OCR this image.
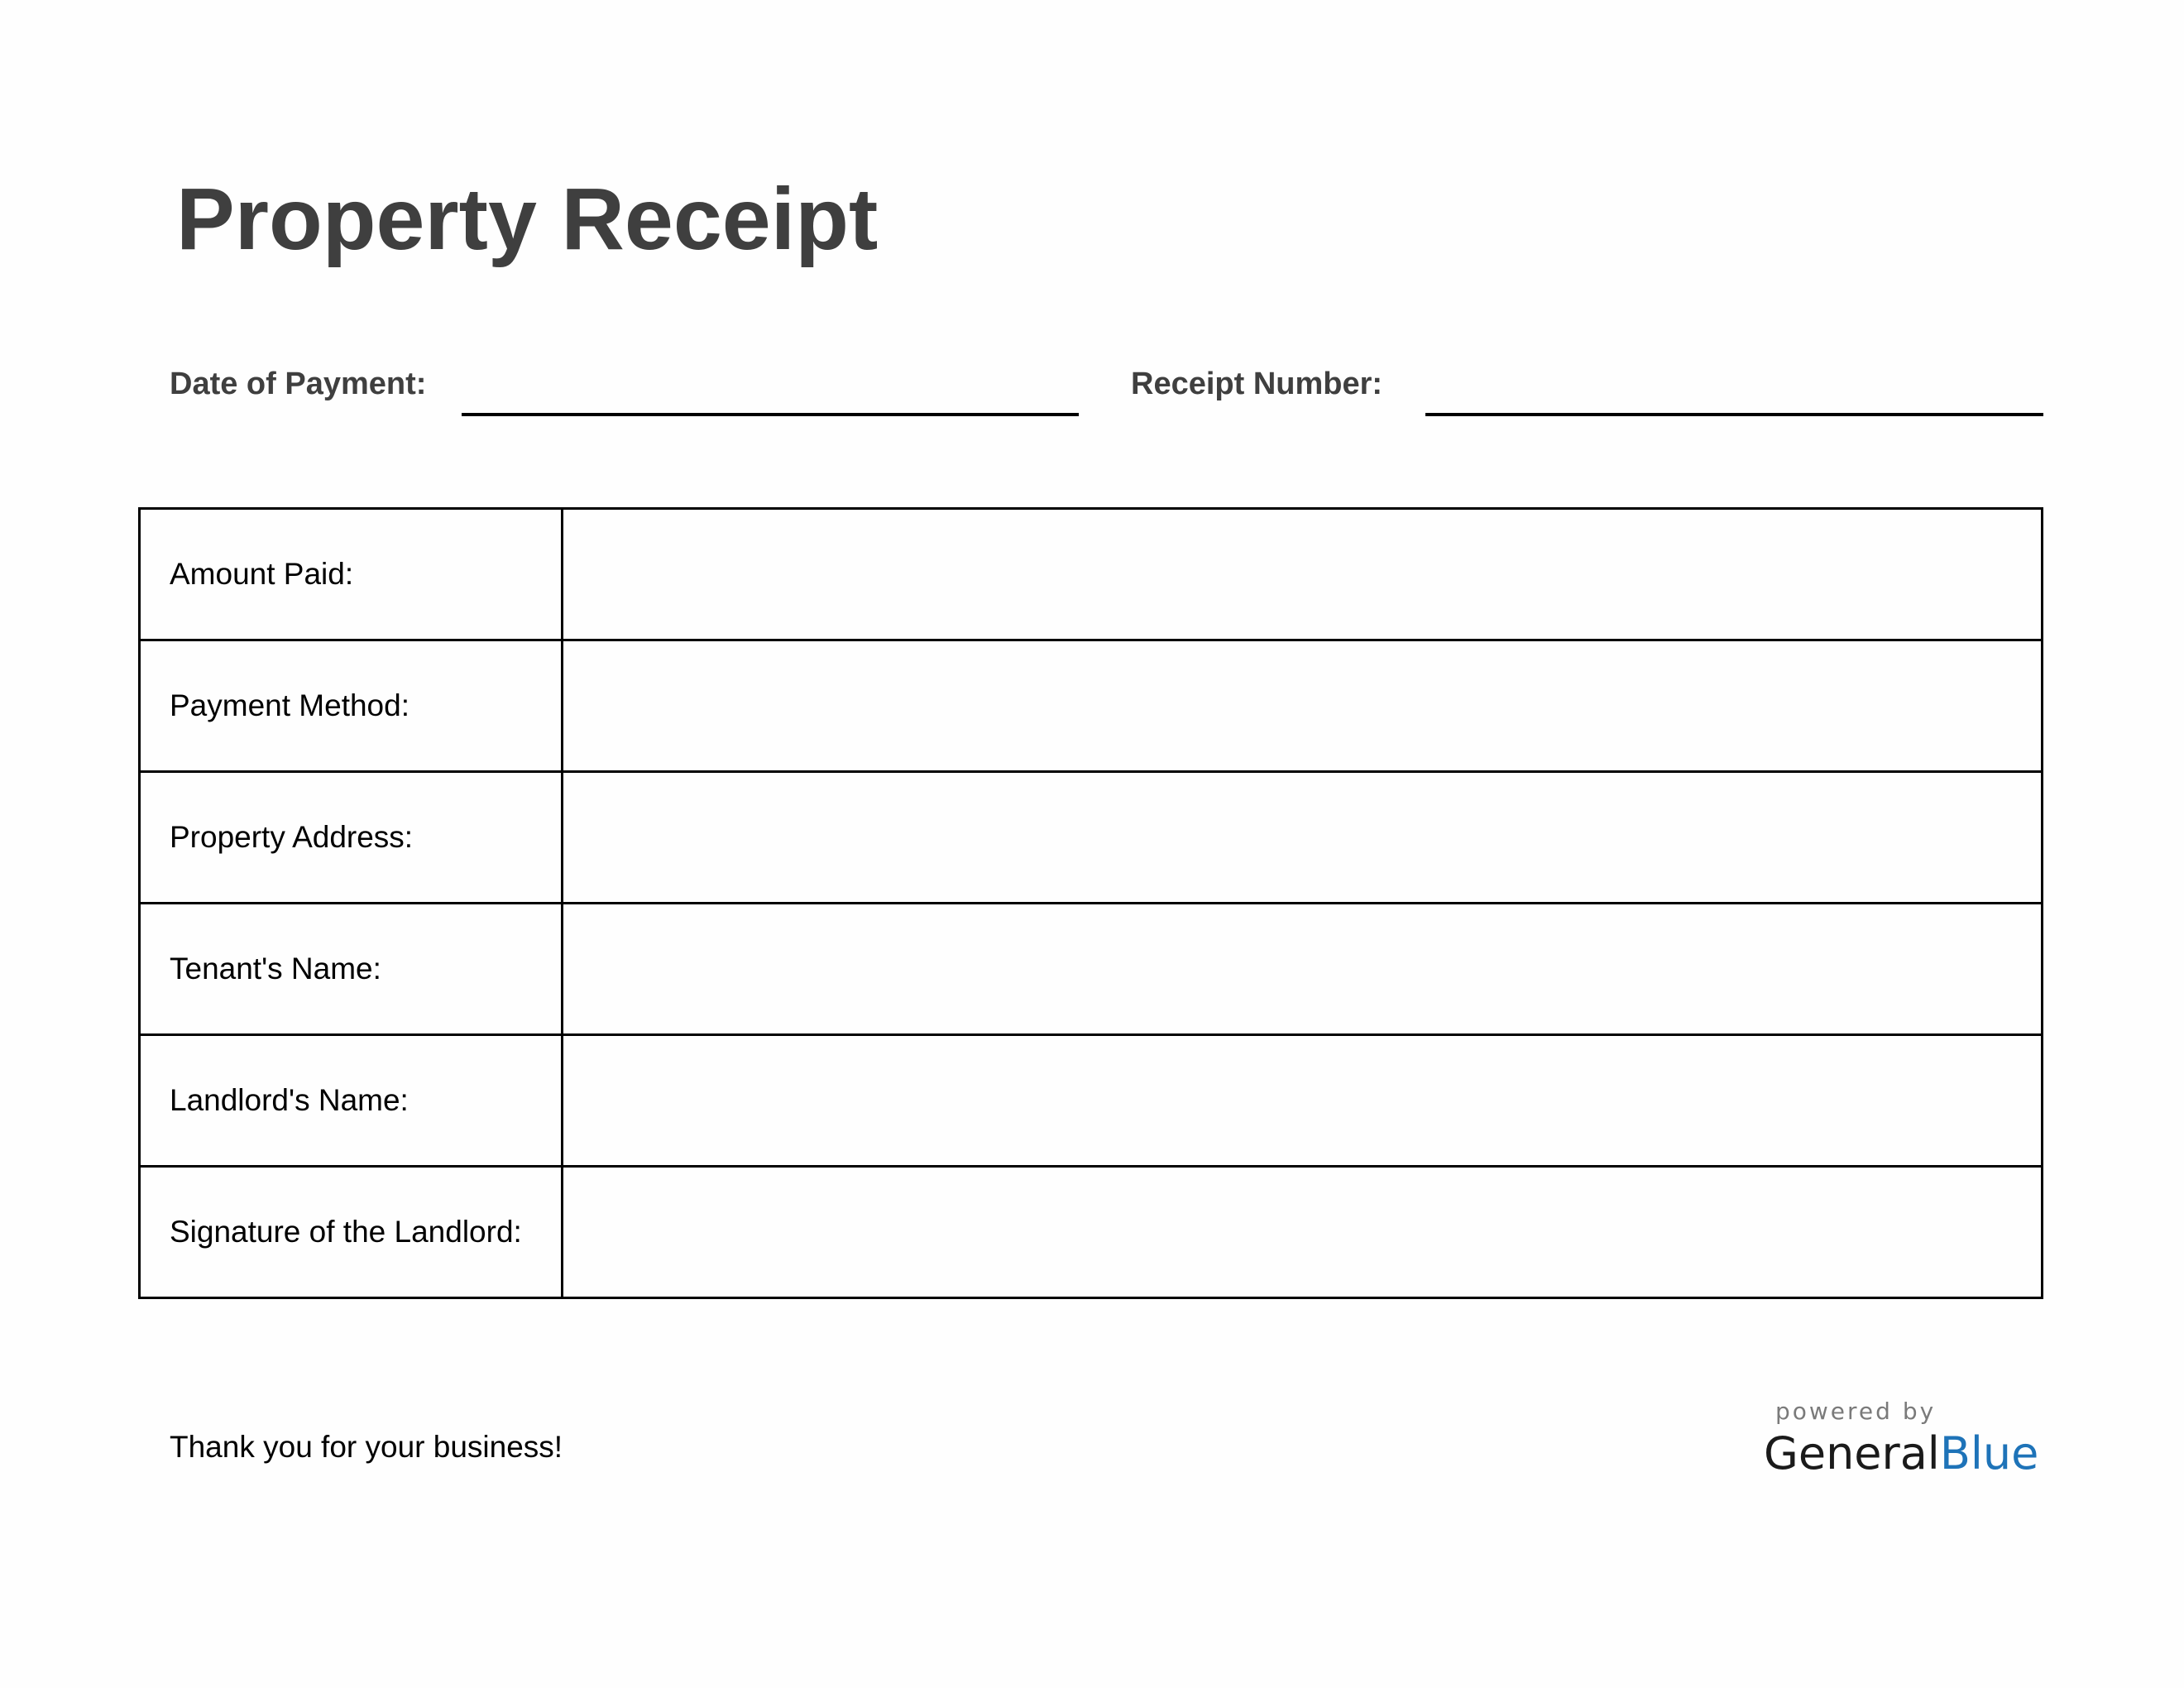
Property Receipt
Date of Payment:	Receipt Number:
Amount Paid:	
Payment Method:	
Property Address:	
Tenant's Name:	
Landlord's Name:	
Signature of the Landlord:	
Thank you for your business!
powered by
GeneralBlue
